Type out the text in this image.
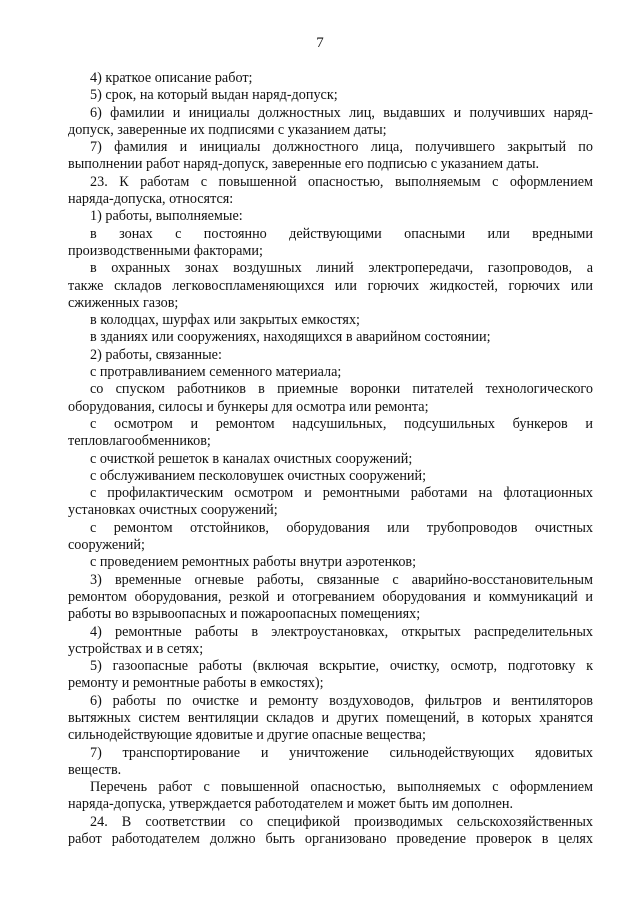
7
4) краткое описание работ;
5) срок, на который выдан наряд-допуск;
6) фамилии и инициалы должностных лиц, выдавших и получивших наряд-
допуск, заверенные их подписями с указанием даты;
7) фамилия и инициалы должностного лица, получившего закрытый по
выполнении работ наряд-допуск, заверенные его подписью с указанием даты.
23. К работам с повышенной опасностью, выполняемым с оформлением
наряда-допуска, относятся:
1) работы, выполняемые:
в зонах с постоянно действующими опасными или вредными
производственными факторами;
в охранных зонах воздушных линий электропередачи, газопроводов, а
также складов легковоспламеняющихся или горючих жидкостей, горючих или
сжиженных газов;
в колодцах, шурфах или закрытых емкостях;
в зданиях или сооружениях, находящихся в аварийном состоянии;
2) работы, связанные:
с протравливанием семенного материала;
со спуском работников в приемные воронки питателей технологического
оборудования, силосы и бункеры для осмотра или ремонта;
с осмотром и ремонтом надсушильных, подсушильных бункеров и
тепловлагообменников;
с очисткой решеток в каналах очистных сооружений;
с обслуживанием песколовушек очистных сооружений;
с профилактическим осмотром и ремонтными работами на флотационных
установках очистных сооружений;
с ремонтом отстойников, оборудования или трубопроводов очистных
сооружений;
с проведением ремонтных работы внутри аэротенков;
3) временные огневые работы, связанные с аварийно-восстановительным
ремонтом оборудования, резкой и отогреванием оборудования и коммуникаций и
работы во взрывоопасных и пожароопасных помещениях;
4) ремонтные работы в электроустановках, открытых распределительных
устройствах и в сетях;
5) газоопасные работы (включая вскрытие, очистку, осмотр, подготовку к
ремонту и ремонтные работы в емкостях);
6) работы по очистке и ремонту воздуховодов, фильтров и вентиляторов
вытяжных систем вентиляции складов и других помещений, в которых хранятся
сильнодействующие ядовитые и другие опасные вещества;
7) транспортирование и уничтожение сильнодействующих ядовитых
веществ.
Перечень работ с повышенной опасностью, выполняемых с оформлением
наряда-допуска, утверждается работодателем и может быть им дополнен.
24. В соответствии со спецификой производимых сельскохозяйственных
работ работодателем должно быть организовано проведение проверок в целях
